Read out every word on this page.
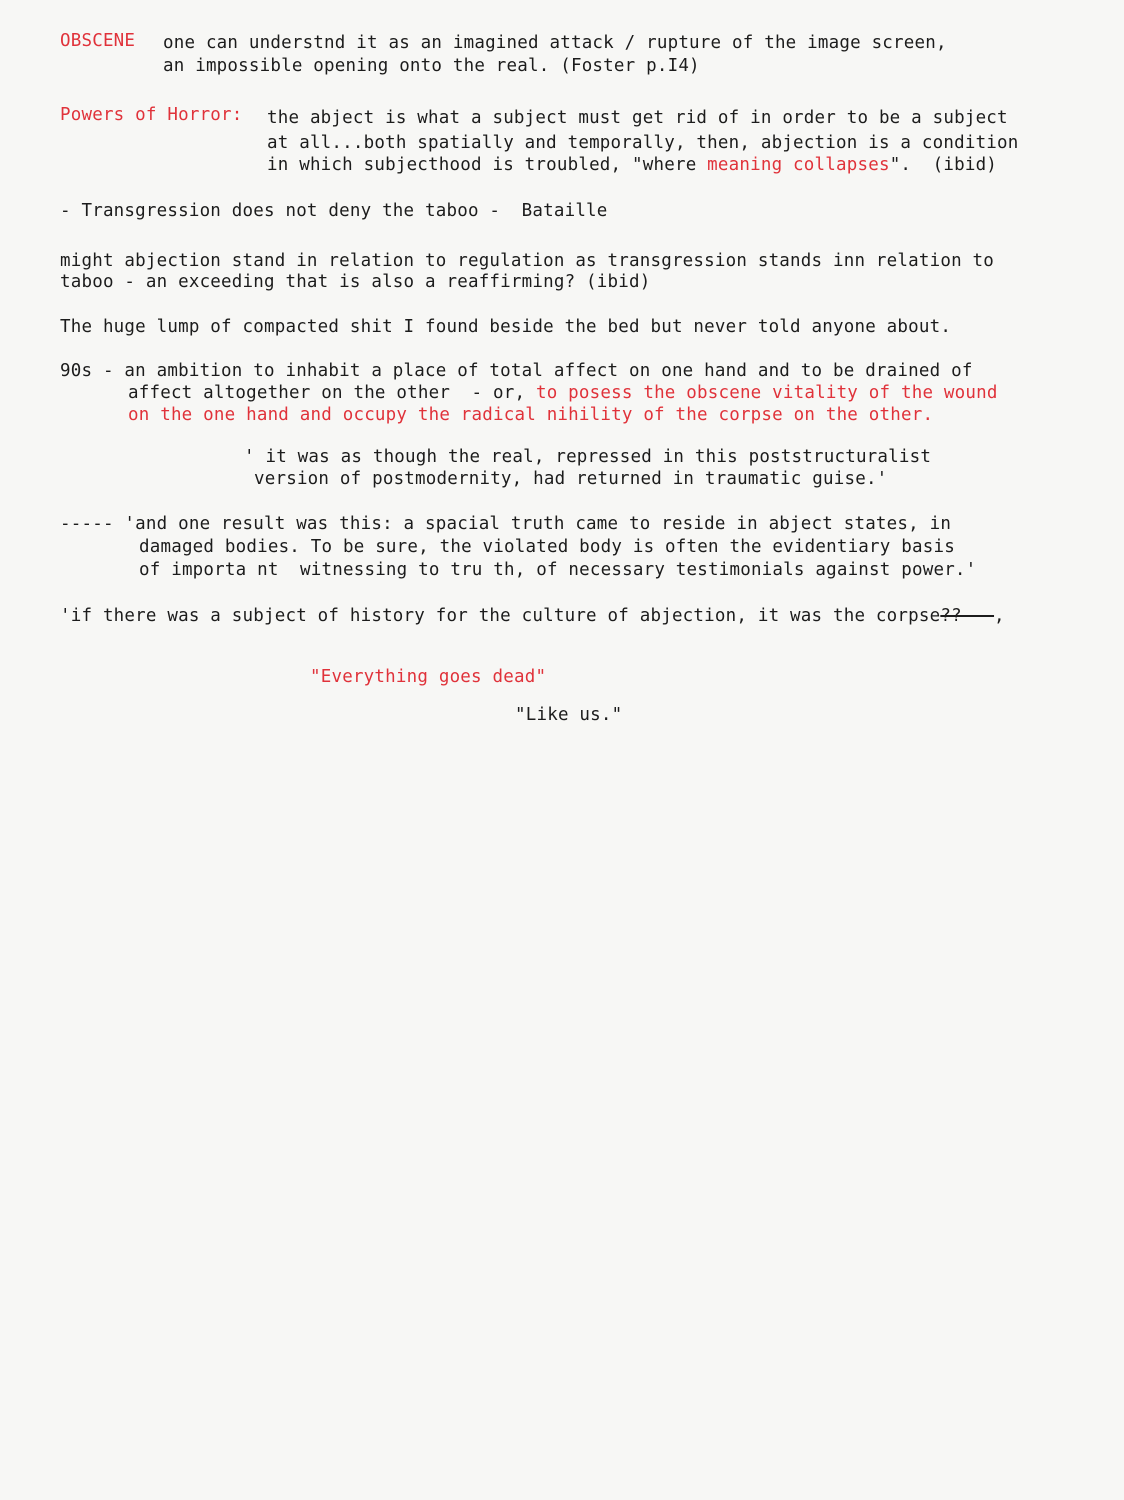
OBSCENE one can understnd it as an imagined attack / rupture of the image screen,
an impossible opening onto the real. (Foster p.I4)
Powers of Horror: the abject is what a subject must get rid of in order to be a subject
at all...both spatially and temporally, then, abjection is a condition
in which subjecthood is troubled, "where meaning collapses".  (ibid)
- Transgression does not deny the taboo -  Bataille
might abjection stand in relation to regulation as transgression stands inn relation to
taboo - an exceeding that is also a reaffirming? (ibid)
The huge lump of compacted shit I found beside the bed but never told anyone about.
90s - an ambition to inhabit a place of total affect on one hand and to be drained of
affect altogether on the other  - or, to posess the obscene vitality of the wound
on the one hand and occupy the radical nihility of the corpse on the other.
' it was as though the real, repressed in this poststructuralist
version of postmodernity, had returned in traumatic guise.'
----- 'and one result was this: a spacial truth came to reside in abject states, in
damaged bodies. To be sure, the violated body is often the evidentiary basis
of importa nt  witnessing to tru th, of necessary testimonials against power.'
'if there was a subject of history for the culture of abjection, it was the corpse??---,
"Everything goes dead"
"Like us."
